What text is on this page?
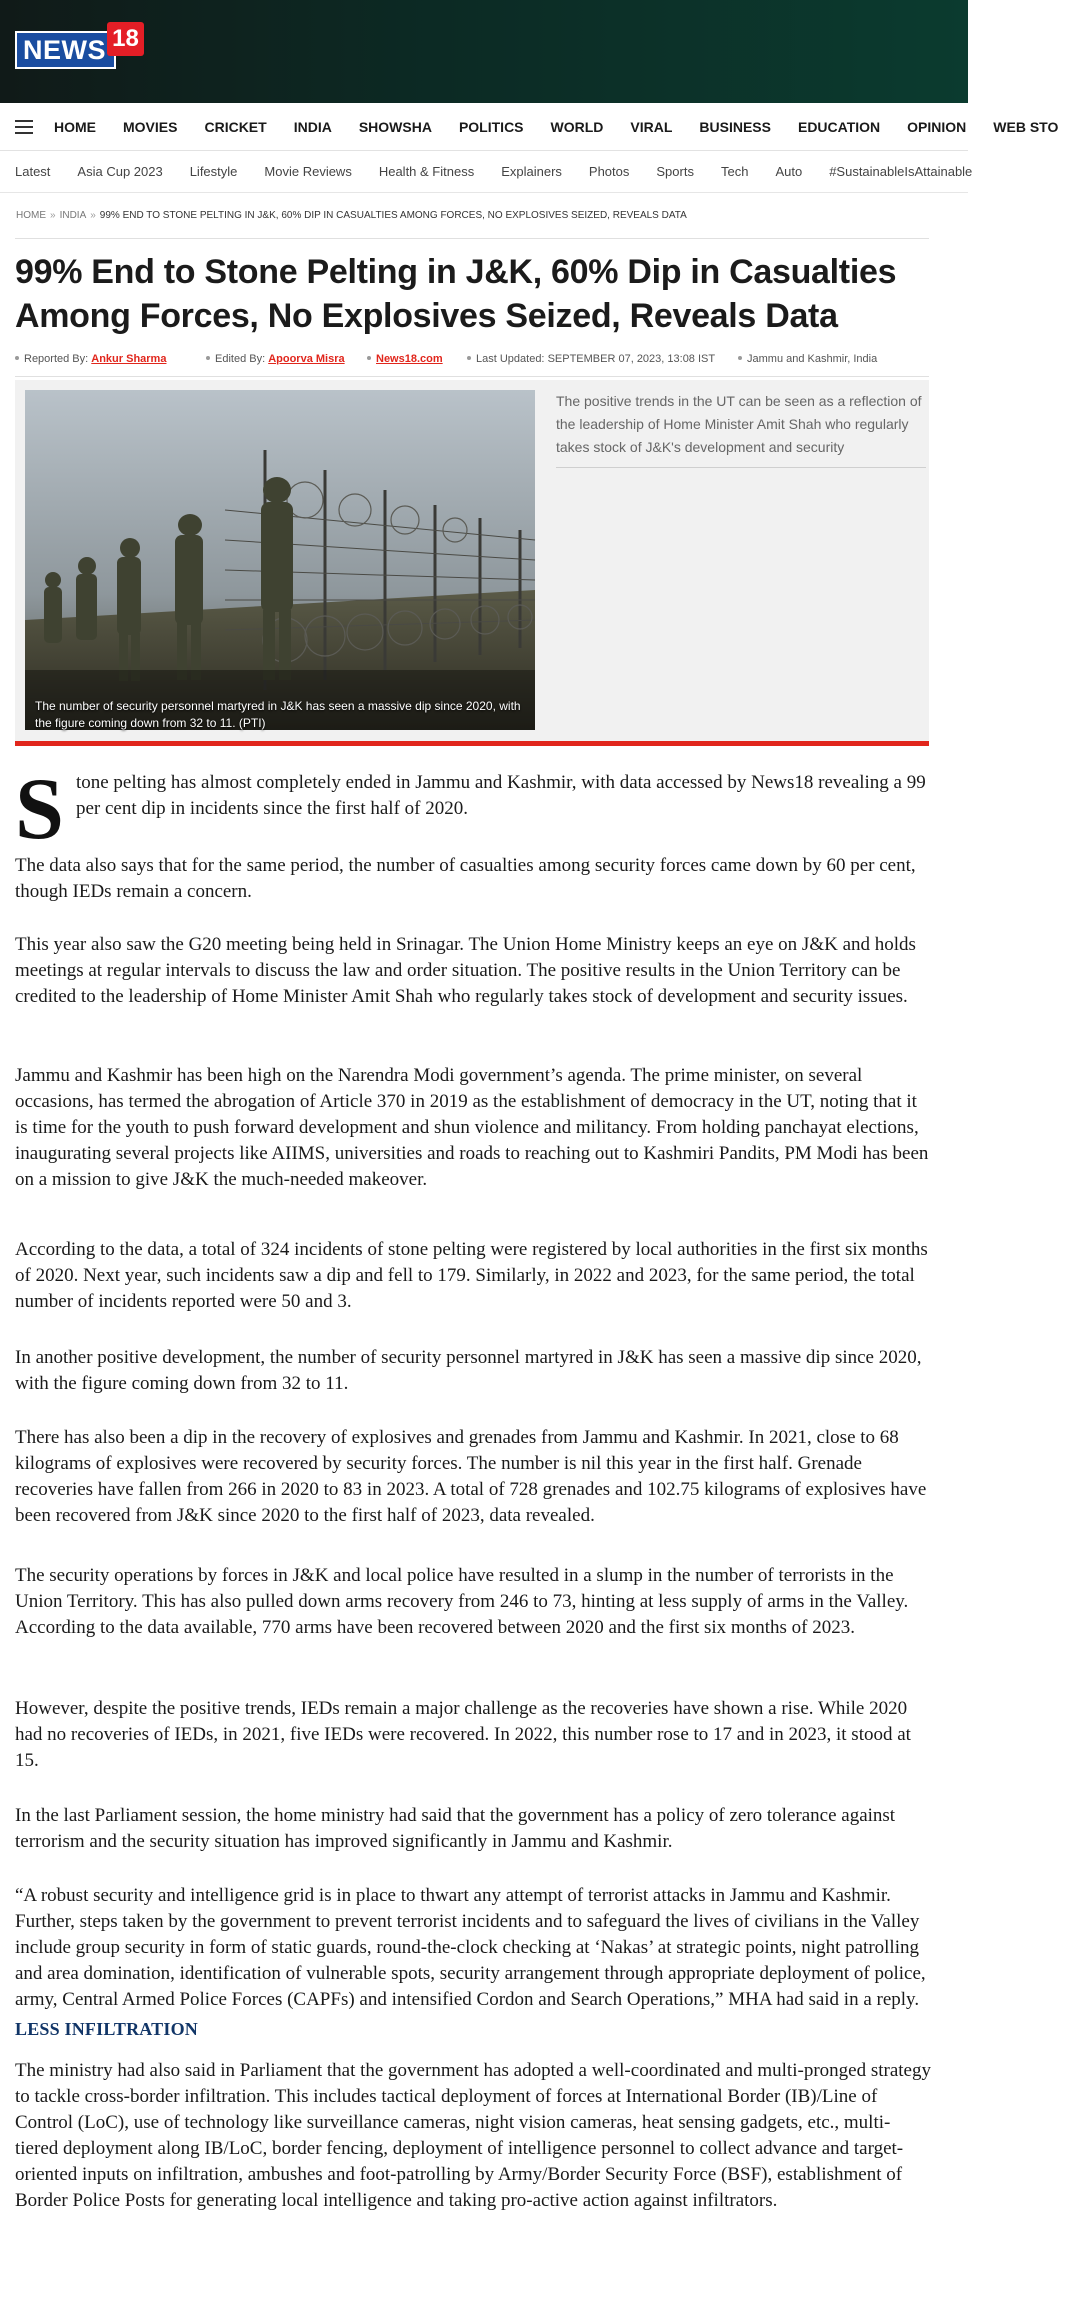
NEWS 18
HOME MOVIES CRICKET INDIA SHOWSHA POLITICS WORLD VIRAL BUSINESS EDUCATION OPINION WEB STO
Latest Asia Cup 2023 Lifestyle Movie Reviews Health & Fitness Explainers Photos Sports Tech Auto #SustainableIsAttainable
HOME » INDIA » 99% END TO STONE PELTING IN J&K, 60% DIP IN CASUALTIES AMONG FORCES, NO EXPLOSIVES SEIZED, REVEALS DATA
99% End to Stone Pelting in J&K, 60% Dip in Casualties Among Forces, No Explosives Seized, Reveals Data
Reported By: Ankur Sharma	Edited By: Apoorva Misra	News18.com	Last Updated: SEPTEMBER 07, 2023, 13:08 IST	Jammu and Kashmir, India
The number of security personnel martyred in J&K has seen a massive dip since 2020, with the figure coming down from 32 to 11. (PTI)
The positive trends in the UT can be seen as a reflection of the leadership of Home Minister Amit Shah who regularly takes stock of J&K's development and security

Stone pelting has almost completely ended in Jammu and Kashmir, with data accessed by News18 revealing a 99 per cent dip in incidents since the first half of 2020.

The data also says that for the same period, the number of casualties among security forces came down by 60 per cent, though IEDs remain a concern.

This year also saw the G20 meeting being held in Srinagar. The Union Home Ministry keeps an eye on J&K and holds meetings at regular intervals to discuss the law and order situation. The positive results in the Union Territory can be credited to the leadership of Home Minister Amit Shah who regularly takes stock of development and security issues.

Jammu and Kashmir has been high on the Narendra Modi government’s agenda. The prime minister, on several occasions, has termed the abrogation of Article 370 in 2019 as the establishment of democracy in the UT, noting that it is time for the youth to push forward development and shun violence and militancy. From holding panchayat elections, inaugurating several projects like AIIMS, universities and roads to reaching out to Kashmiri Pandits, PM Modi has been on a mission to give J&K the much-needed makeover.

According to the data, a total of 324 incidents of stone pelting were registered by local authorities in the first six months of 2020. Next year, such incidents saw a dip and fell to 179. Similarly, in 2022 and 2023, for the same period, the total number of incidents reported were 50 and 3.

In another positive development, the number of security personnel martyred in J&K has seen a massive dip since 2020, with the figure coming down from 32 to 11.

There has also been a dip in the recovery of explosives and grenades from Jammu and Kashmir. In 2021, close to 68 kilograms of explosives were recovered by security forces. The number is nil this year in the first half. Grenade recoveries have fallen from 266 in 2020 to 83 in 2023. A total of 728 grenades and 102.75 kilograms of explosives have been recovered from J&K since 2020 to the first half of 2023, data revealed.

The security operations by forces in J&K and local police have resulted in a slump in the number of terrorists in the Union Territory. This has also pulled down arms recovery from 246 to 73, hinting at less supply of arms in the Valley. According to the data available, 770 arms have been recovered between 2020 and the first six months of 2023.

However, despite the positive trends, IEDs remain a major challenge as the recoveries have shown a rise. While 2020 had no recoveries of IEDs, in 2021, five IEDs were recovered. In 2022, this number rose to 17 and in 2023, it stood at 15.

In the last Parliament session, the home ministry had said that the government has a policy of zero tolerance against terrorism and the security situation has improved significantly in Jammu and Kashmir.

“A robust security and intelligence grid is in place to thwart any attempt of terrorist attacks in Jammu and Kashmir. Further, steps taken by the government to prevent terrorist incidents and to safeguard the lives of civilians in the Valley include group security in form of static guards, round-the-clock checking at ‘Nakas’ at strategic points, night patrolling and area domination, identification of vulnerable spots, security arrangement through appropriate deployment of police, army, Central Armed Police Forces (CAPFs) and intensified Cordon and Search Operations,” MHA had said in a reply.

LESS INFILTRATION

The ministry had also said in Parliament that the government has adopted a well-coordinated and multi-pronged strategy to tackle cross-border infiltration. This includes tactical deployment of forces at International Border (IB)/Line of Control (LoC), use of technology like surveillance cameras, night vision cameras, heat sensing gadgets, etc., multi-tiered deployment along IB/LoC, border fencing, deployment of intelligence personnel to collect advance and target-oriented inputs on infiltration, ambushes and foot-patrolling by Army/Border Security Force (BSF), establishment of Border Police Posts for generating local intelligence and taking pro-active action against infiltrators.
